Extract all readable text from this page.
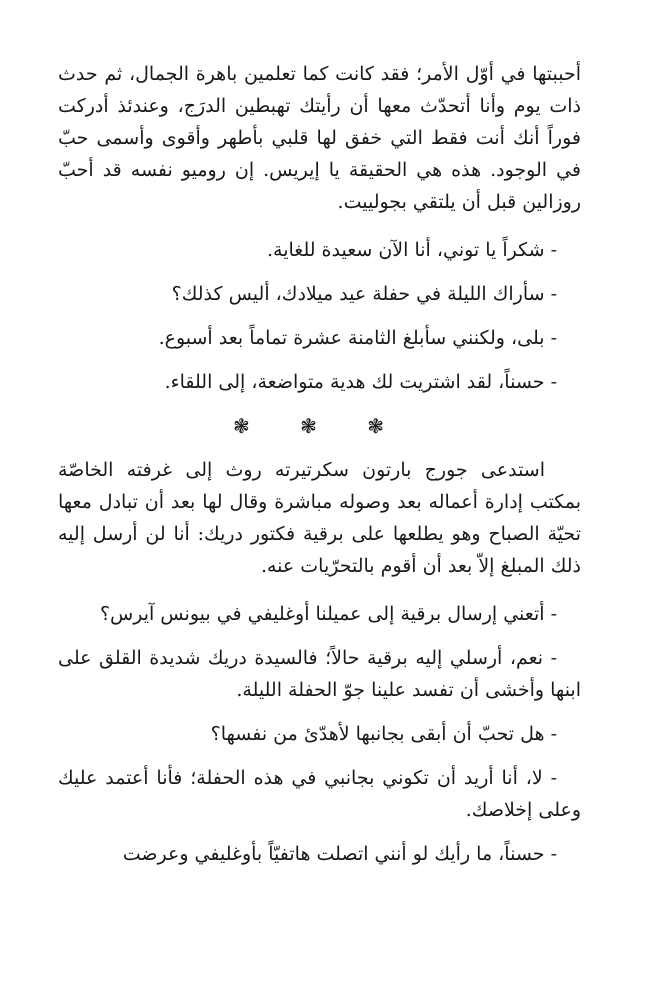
أحببتها في أوّل الأمر؛ فقد كانت كما تعلمين باهرة الجمال، ثم حدث ذات يوم وأنا أتحدّث معها أن رأيتك تهبطين الدرَج، وعندئذ أدركت فوراً أنك أنت فقط التي خفق لها قلبي بأطهر وأقوى وأسمى حبّ في الوجود. هذه هي الحقيقة يا إيريس. إن روميو نفسه قد أحبّ روزالين قبل أن يلتقي بجولييت.

- شكراً يا توني، أنا الآن سعيدة للغاية.

- سأراك الليلة في حفلة عيد ميلادك، أليس كذلك؟

- بلى، ولكنني سأبلغ الثامنة عشرة تماماً بعد أسبوع.

- حسناً، لقد اشتريت لك هدية متواضعة، إلى اللقاء.

❃ ❃ ❃

استدعى جورج بارتون سكرتيرته روث إلى غرفته الخاصّة بمكتب إدارة أعماله بعد وصوله مباشرة وقال لها بعد أن تبادل معها تحيّة الصباح وهو يطلعها على برقية فكتور دريك: أنا لن أرسل إليه ذلك المبلغ إلاّ بعد أن أقوم بالتحرّيات عنه.

- أتعني إرسال برقية إلى عميلنا أوغليفي في بيونس آيرس؟

- نعم، أرسلي إليه برقية حالاً؛ فالسيدة دريك شديدة القلق على ابنها وأخشى أن تفسد علينا جوّ الحفلة الليلة.

- هل تحبّ أن أبقى بجانبها لأهدّئ من نفسها؟

- لا، أنا أريد أن تكوني بجانبي في هذه الحفلة؛ فأنا أعتمد عليك وعلى إخلاصك.

- حسناً، ما رأيك لو أنني اتصلت هاتفيّاً بأوغليفي وعرضت
